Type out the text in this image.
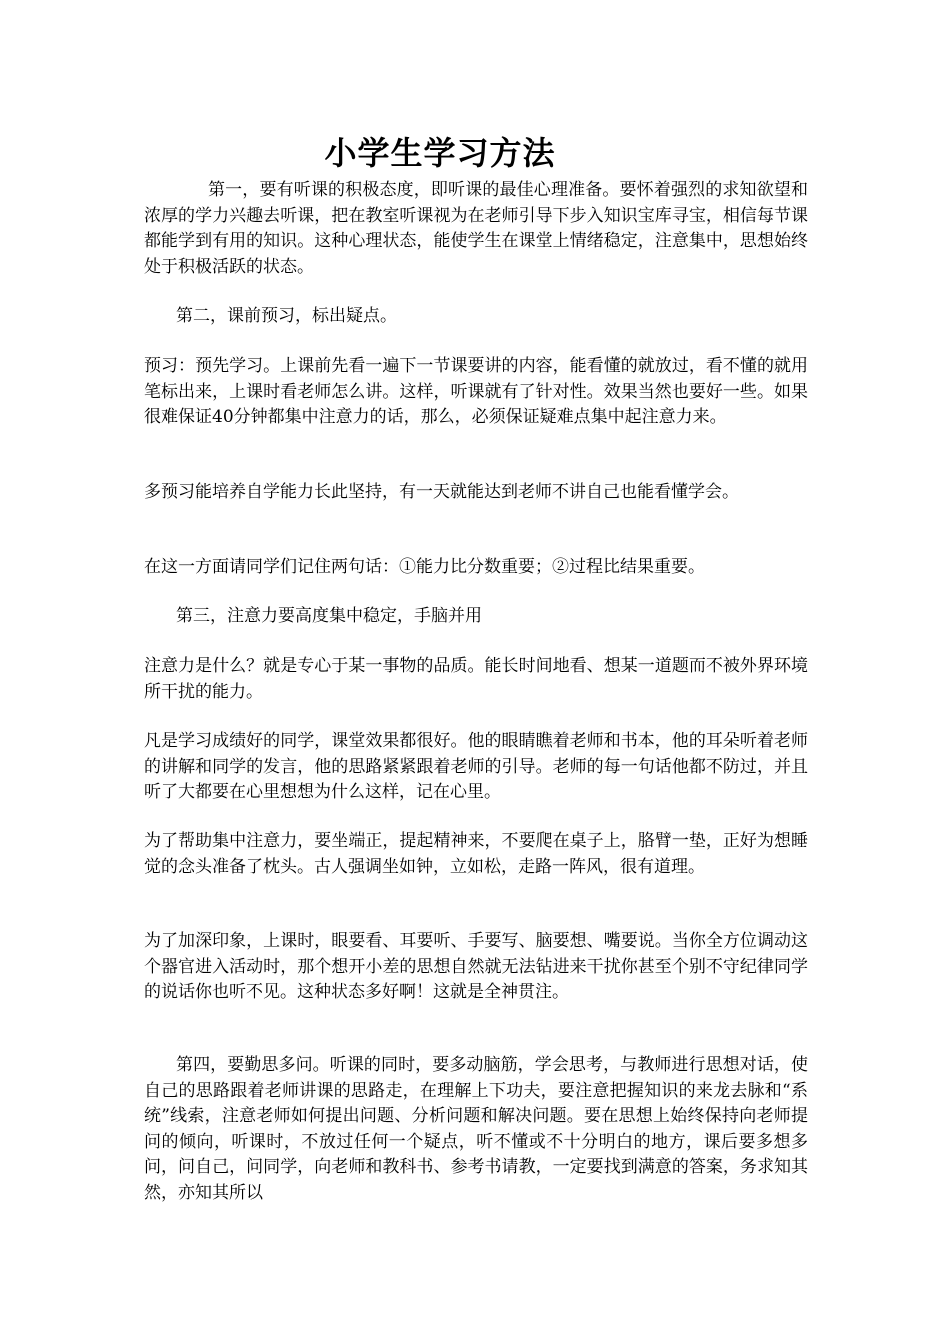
小学生学习方法

第一，要有听课的积极态度，即听课的最佳心理准备。要怀着强烈的求知欲望和浓厚的学力兴趣去听课，把在教室听课视为在老师引导下步入知识宝库寻宝，相信每节课都能学到有用的知识。这种心理状态，能使学生在课堂上情绪稳定，注意集中，思想始终处于积极活跃的状态。

第二，课前预习，标出疑点。

预习：预先学习。上课前先看一遍下一节课要讲的内容，能看懂的就放过，看不懂的就用笔标出来，上课时看老师怎么讲。这样，听课就有了针对性。效果当然也要好一些。如果很难保证40分钟都集中注意力的话，那么，必须保证疑难点集中起注意力来。

多预习能培养自学能力长此坚持，有一天就能达到老师不讲自己也能看懂学会。

在这一方面请同学们记住两句话：①能力比分数重要；②过程比结果重要。

第三，注意力要高度集中稳定，手脑并用

注意力是什么？就是专心于某一事物的品质。能长时间地看、想某一道题而不被外界环境所干扰的能力。

凡是学习成绩好的同学，课堂效果都很好。他的眼睛瞧着老师和书本，他的耳朵听着老师的讲解和同学的发言，他的思路紧紧跟着老师的引导。老师的每一句话他都不防过，并且听了大都要在心里想想为什么这样，记在心里。

为了帮助集中注意力，要坐端正，提起精神来，不要爬在桌子上，胳臂一垫，正好为想睡觉的念头准备了枕头。古人强调坐如钟，立如松，走路一阵风，很有道理。

为了加深印象，上课时，眼要看、耳要听、手要写、脑要想、嘴要说。当你全方位调动这个器官进入活动时，那个想开小差的思想自然就无法钻进来干扰你甚至个别不守纪律同学的说话你也听不见。这种状态多好啊！这就是全神贯注。

第四，要勤思多问。听课的同时，要多动脑筋，学会思考，与教师进行思想对话，使自己的思路跟着老师讲课的思路走，在理解上下功夫，要注意把握知识的来龙去脉和“系统”线索，注意老师如何提出问题、分析问题和解决问题。要在思想上始终保持向老师提问的倾向，听课时，不放过任何一个疑点，听不懂或不十分明白的地方，课后要多想多问，问自己，问同学，向老师和教科书、参考书请教，一定要找到满意的答案，务求知其然，亦知其所以
